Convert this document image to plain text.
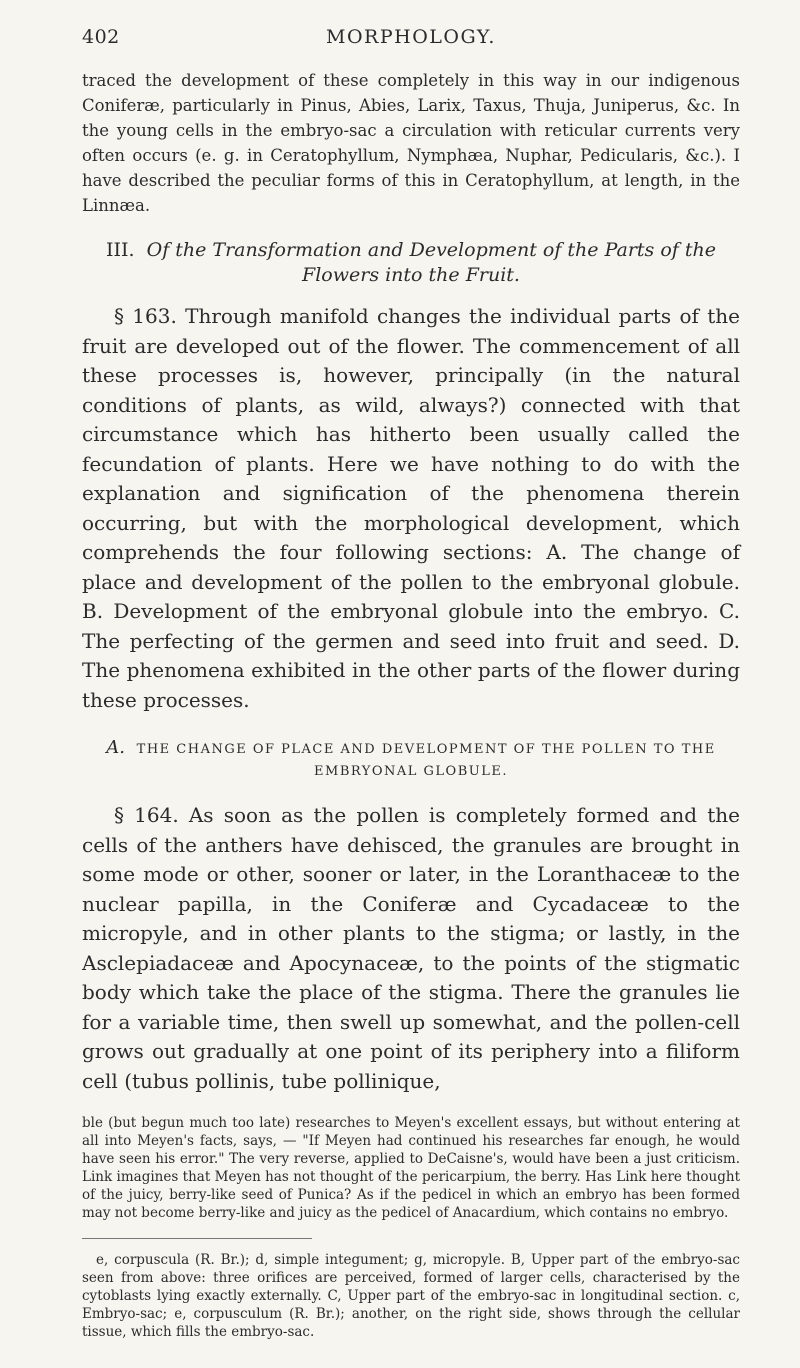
402	MORPHOLOGY.

traced the development of these completely in this way in our indigenous Coniferæ, particularly in Pinus, Abies, Larix, Taxus, Thuja, Juniperus, &c. In the young cells in the embryo-sac a circulation with reticular currents very often occurs (e. g. in Ceratophyllum, Nymphæa, Nuphar, Pedicularis, &c.). I have described the peculiar forms of this in Ceratophyllum, at length, in the Linnæa.

III. Of the Transformation and Development of the Parts of the Flowers into the Fruit.

§ 163. Through manifold changes the individual parts of the fruit are developed out of the flower. The commencement of all these processes is, however, principally (in the natural conditions of plants, as wild, always?) connected with that circumstance which has hitherto been usually called the fecundation of plants. Here we have nothing to do with the explanation and signification of the phenomena therein occurring, but with the morphological development, which comprehends the four following sections: A. The change of place and development of the pollen to the embryonal globule. B. Development of the embryonal globule into the embryo. C. The perfecting of the germen and seed into fruit and seed. D. The phenomena exhibited in the other parts of the flower during these processes.

A. THE CHANGE OF PLACE AND DEVELOPMENT OF THE POLLEN TO THE EMBRYONAL GLOBULE.

§ 164. As soon as the pollen is completely formed and the cells of the anthers have dehisced, the granules are brought in some mode or other, sooner or later, in the Loranthaceæ to the nuclear papilla, in the Coniferæ and Cycadaceæ to the micropyle, and in other plants to the stigma; or lastly, in the Asclepiadaceæ and Apocynaceæ, to the points of the stigmatic body which take the place of the stigma. There the granules lie for a variable time, then swell up somewhat, and the pollen-cell grows out gradually at one point of its periphery into a filiform cell (tubus pollinis, tube pollinique,

ble (but begun much too late) researches to Meyen's excellent essays, but without entering at all into Meyen's facts, says, — "If Meyen had continued his researches far enough, he would have seen his error." The very reverse, applied to DeCaisne's, would have been a just criticism. Link imagines that Meyen has not thought of the pericarpium, the berry. Has Link here thought of the juicy, berry-like seed of Punica? As if the pedicel in which an embryo has been formed may not become berry-like and juicy as the pedicel of Anacardium, which contains no embryo.

e, corpuscula (R. Br.); d, simple integument; g, micropyle. B, Upper part of the embryo-sac seen from above: three orifices are perceived, formed of larger cells, characterised by the cytoblasts lying exactly externally. C, Upper part of the embryo-sac in longitudinal section. c, Embryo-sac; e, corpusculum (R. Br.); another, on the right side, shows through the cellular tissue, which fills the embryo-sac.
